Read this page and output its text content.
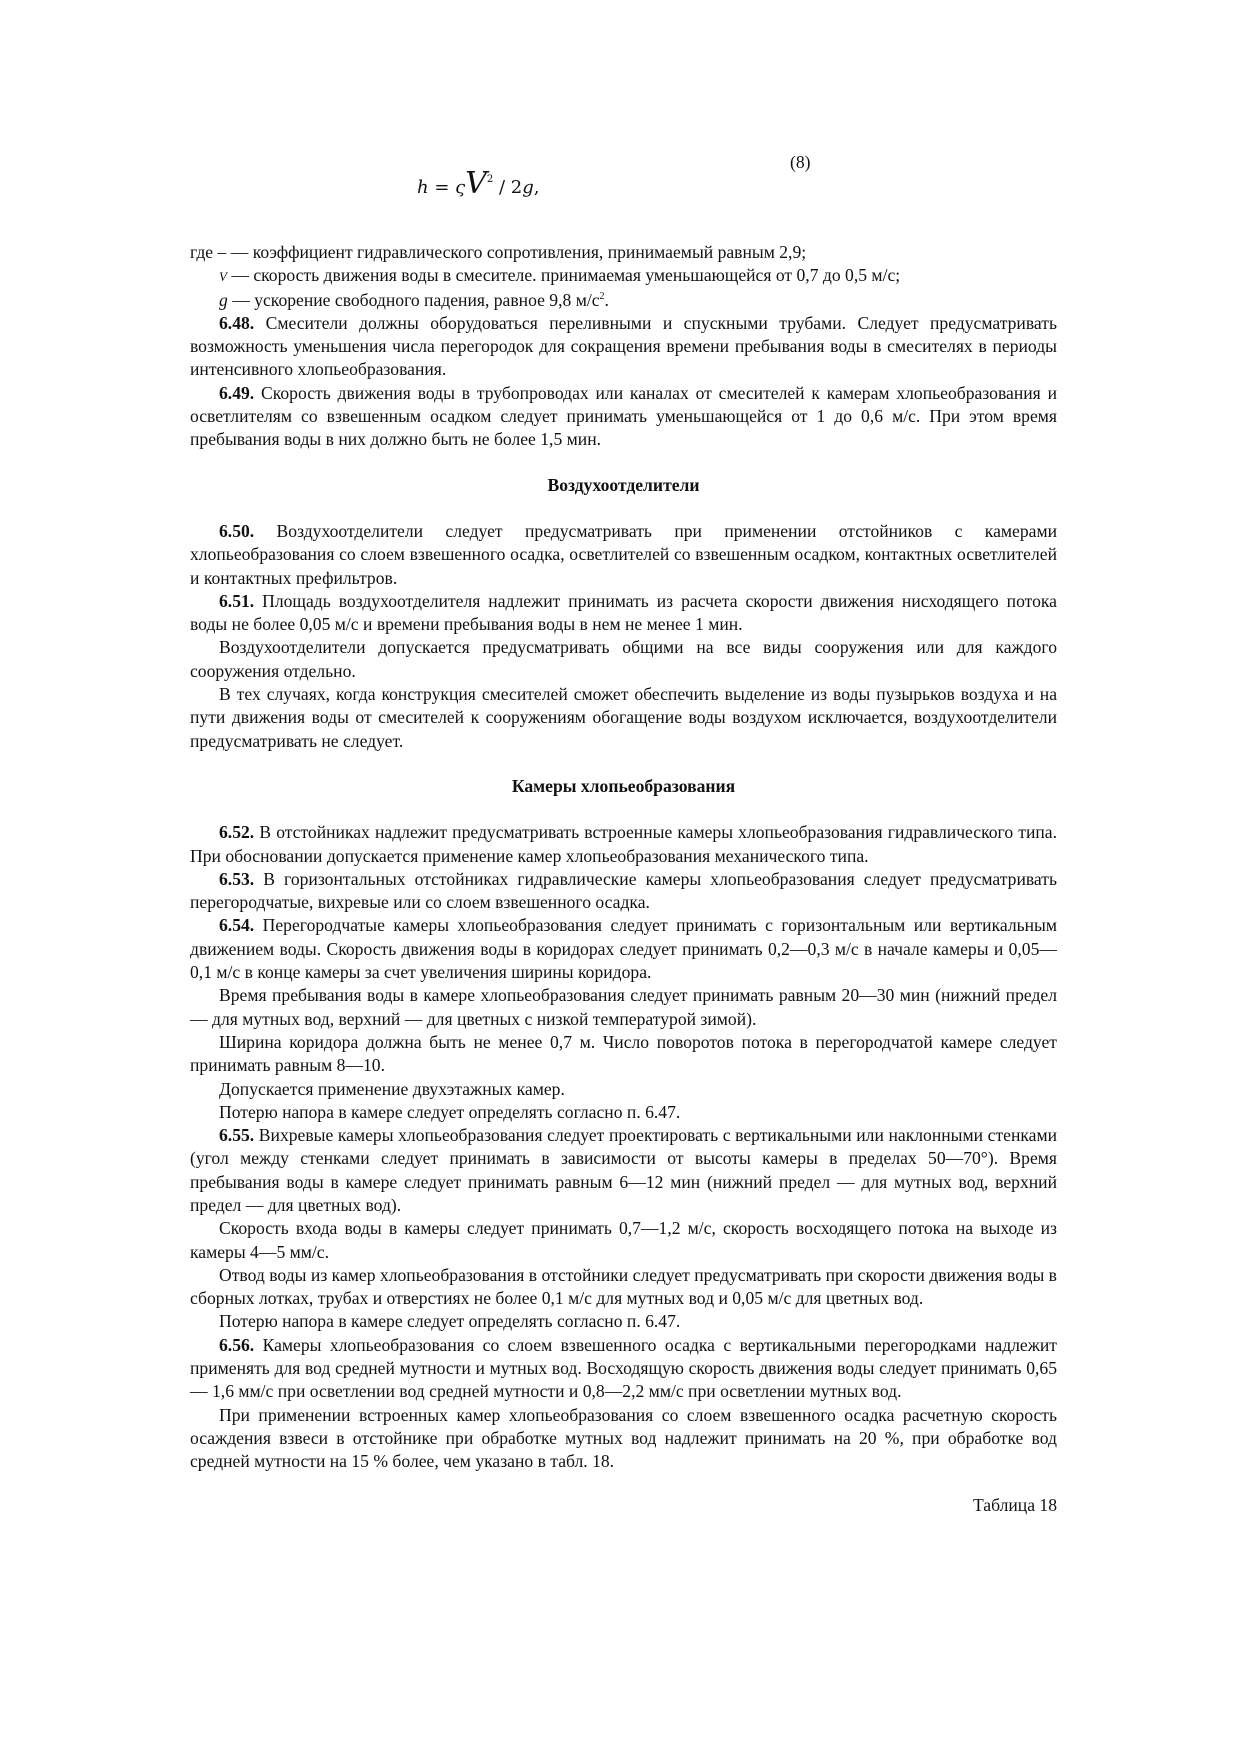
$h = \varsigma V^2 / 2g$,
(8)

где – — коэффициент гидравлического сопротивления, принимаемый равным 2,9;

V — скорость движения воды в смесителе. принимаемая уменьшающейся от 0,7 до 0,5 м/с;

g — ускорение свободного падения, равное 9,8 $м/с^2$.

6.48. Смесители должны оборудоваться переливными и спускными трубами. Следует предусматривать возможность уменьшения числа перегородок для сокращения времени пребывания воды в смесителях в периоды интенсивного хлопьеобразования.

6.49. Скорость движения воды в трубопроводах или каналах от смесителей к камерам хлопьеобразования и осветлителям со взвешенным осадком следует принимать уменьшающейся от 1 до 0,6 м/с. При этом время пребывания воды в них должно быть не более 1,5 мин.

Воздухоотделители

6.50. Воздухоотделители следует предусматривать при применении отстойников с камерами хлопьеобразования со слоем взвешенного осадка, осветлителей со взвешенным осадком, контактных осветлителей и контактных префильтров.

6.51. Площадь воздухоотделителя надлежит принимать из расчета скорости движения нисходящего потока воды не более 0,05 м/с и времени пребывания воды в нем не менее 1 мин.

Воздухоотделители допускается предусматривать общими на все виды сооружения или для каждого сооружения отдельно.

В тех случаях, когда конструкция смесителей сможет обеспечить выделение из воды пузырьков воздуха и на пути движения воды от смесителей к сооружениям обогащение воды воздухом исключается, воздухоотделители предусматривать не следует.

Камеры хлопьеобразования

6.52. В отстойниках надлежит предусматривать встроенные камеры хлопьеобразования гидравлического типа. При обосновании допускается применение камер хлопьеобразования механического типа.

6.53. В горизонтальных отстойниках гидравлические камеры хлопьеобразования следует предусматривать перегородчатые, вихревые или со слоем взвешенного осадка.

6.54. Перегородчатые камеры хлопьеобразования следует принимать с горизонтальным или вертикальным движением воды. Скорость движения воды в коридорах следует принимать 0,2—0,3 м/с в начале камеры и 0,05—0,1 м/с в конце камеры за счет увеличения ширины коридора.

Время пребывания воды в камере хлопьеобразования следует принимать равным 20—30 мин (нижний предел — для мутных вод, верхний — для цветных с низкой температурой зимой).

Ширина коридора должна быть не менее 0,7 м. Число поворотов потока в перегородчатой камере следует принимать равным 8—10.

Допускается применение двухэтажных камер.

Потерю напора в камере следует определять согласно п. 6.47.

6.55. Вихревые камеры хлопьеобразования следует проектировать с вертикальными или наклонными стенками (угол между стенками следует принимать в зависимости от высоты камеры в пределах 50—70°). Время пребывания воды в камере следует принимать равным 6—12 мин (нижний предел — для мутных вод, верхний предел — для цветных вод).

Скорость входа воды в камеры следует принимать 0,7—1,2 м/с, скорость восходящего потока на выходе из камеры 4—5 мм/с.

Отвод воды из камер хлопьеобразования в отстойники следует предусматривать при скорости движения воды в сборных лотках, трубах и отверстиях не более 0,1 м/с для мутных вод и 0,05 м/с для цветных вод.

Потерю напора в камере следует определять согласно п. 6.47.

6.56. Камеры хлопьеобразования со слоем взвешенного осадка с вертикальными перегородками надлежит применять для вод средней мутности и мутных вод. Восходящую скорость движения воды следует принимать 0,65— 1,6 мм/с при осветлении вод средней мутности и 0,8—2,2 мм/с при осветлении мутных вод.

При применении встроенных камер хлопьеобразования со слоем взвешенного осадка расчетную скорость осаждения взвеси в отстойнике при обработке мутных вод надлежит принимать на 20 %, при обработке вод средней мутности на 15 % более, чем указано в табл. 18.

Таблица 18
